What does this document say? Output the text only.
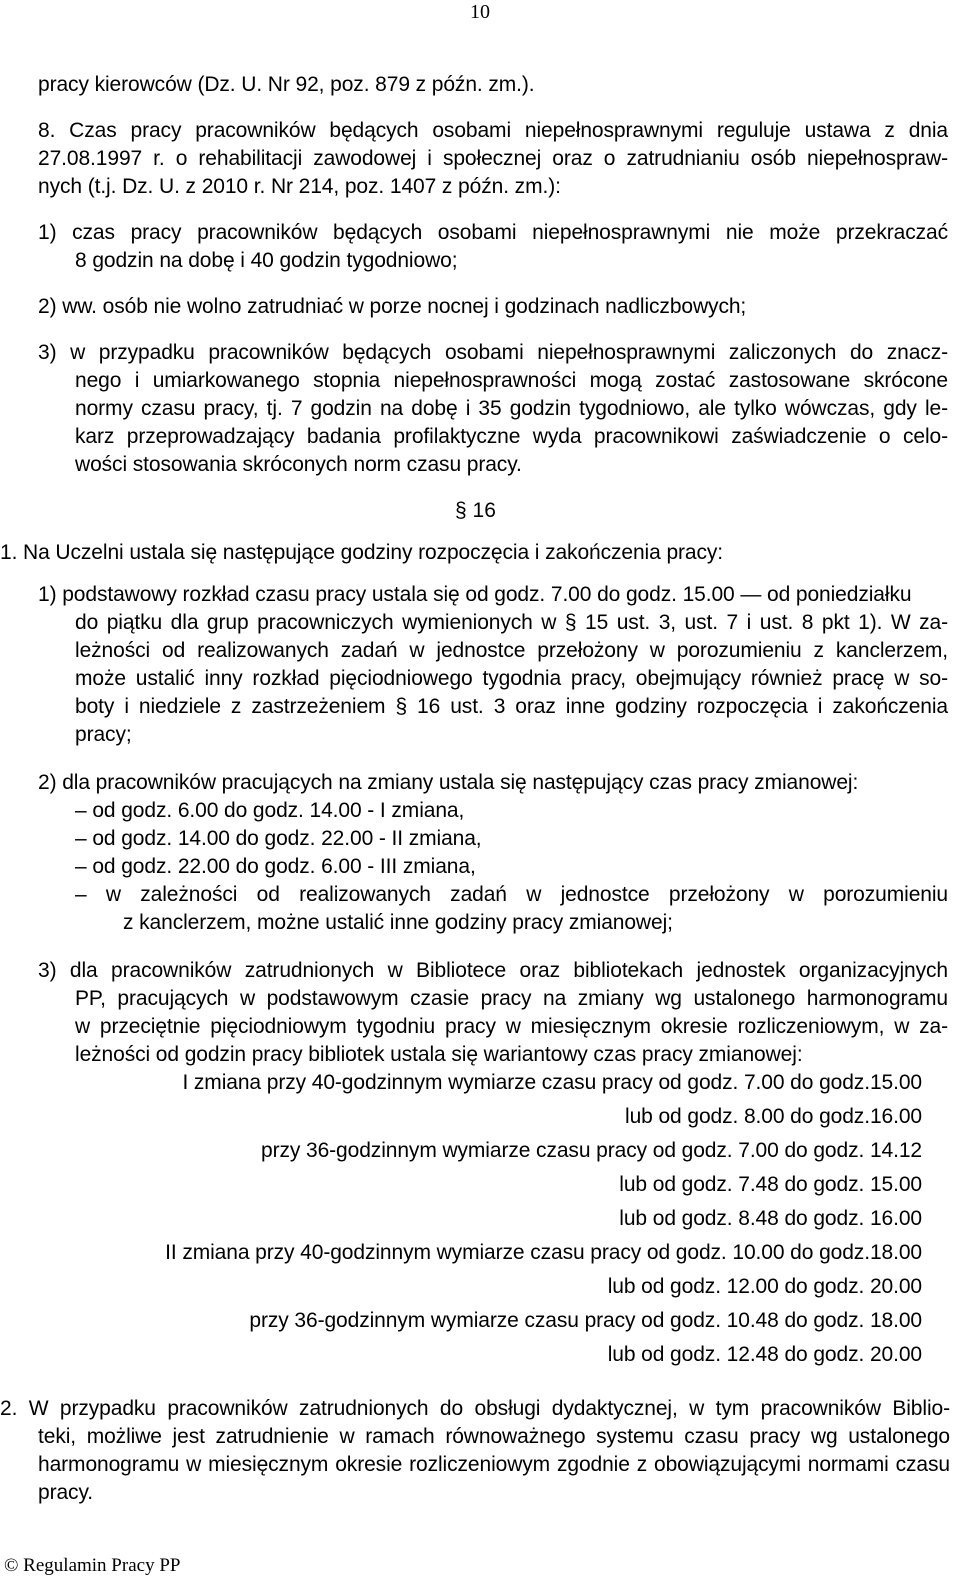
10
pracy kierowców (Dz. U. Nr 92, poz. 879 z późn. zm.).
8. Czas pracy pracowników będących osobami niepełnosprawnymi reguluje ustawa z dnia
27.08.1997 r. o rehabilitacji zawodowej i społecznej oraz o zatrudnianiu osób niepełnospraw-
nych (t.j. Dz. U. z 2010 r. Nr 214, poz. 1407 z późn. zm.):
1) czas pracy pracowników będących osobami niepełnosprawnymi nie może przekraczać
8 godzin na dobę i 40 godzin tygodniowo;
2) ww. osób nie wolno zatrudniać w porze nocnej i godzinach nadliczbowych;
3) w przypadku pracowników będących osobami niepełnosprawnymi zaliczonych do znacz-
nego i umiarkowanego stopnia niepełnosprawności mogą zostać zastosowane skrócone
normy czasu pracy, tj. 7 godzin na dobę i 35 godzin tygodniowo, ale tylko wówczas, gdy le-
karz przeprowadzający badania profilaktyczne wyda pracownikowi zaświadczenie o celo-
wości stosowania skróconych norm czasu pracy.
§ 16
1. Na Uczelni ustala się następujące godziny rozpoczęcia i zakończenia pracy:
1) podstawowy rozkład czasu pracy ustala się od godz. 7.00 do godz. 15.00 — od poniedziałku
do piątku dla grup pracowniczych wymienionych w § 15 ust. 3, ust. 7 i ust. 8 pkt 1). W za-
leżności od realizowanych zadań w jednostce przełożony w porozumieniu z kanclerzem,
może ustalić inny rozkład pięciodniowego tygodnia pracy, obejmujący również pracę w so-
boty i niedziele z zastrzeżeniem § 16 ust. 3 oraz inne godziny rozpoczęcia i zakończenia
pracy;
2) dla pracowników pracujących na zmiany ustala się następujący czas pracy zmianowej:
– od godz. 6.00 do godz. 14.00 - I zmiana,
– od godz. 14.00 do godz. 22.00 - II zmiana,
– od godz. 22.00 do godz. 6.00 - III zmiana,
– w zależności od realizowanych zadań w jednostce przełożony w porozumieniu
z kanclerzem, możne ustalić inne godziny pracy zmianowej;
3) dla pracowników zatrudnionych w Bibliotece oraz bibliotekach jednostek organizacyjnych
PP, pracujących w podstawowym czasie pracy na zmiany wg ustalonego harmonogramu
w przeciętnie pięciodniowym tygodniu pracy w miesięcznym okresie rozliczeniowym, w za-
leżności od godzin pracy bibliotek ustala się wariantowy czas pracy zmianowej:
I zmiana przy 40-godzinnym wymiarze czasu pracy od godz. 7.00 do godz.15.00
lub od godz. 8.00 do godz.16.00
przy 36-godzinnym wymiarze czasu pracy od godz. 7.00 do godz. 14.12
lub od godz. 7.48 do godz. 15.00
lub od godz. 8.48 do godz. 16.00
II zmiana przy 40-godzinnym wymiarze czasu pracy od godz. 10.00 do godz.18.00
lub od godz. 12.00 do godz. 20.00
przy 36-godzinnym wymiarze czasu pracy od godz. 10.48 do godz. 18.00
lub od godz. 12.48 do godz. 20.00
2. W przypadku pracowników zatrudnionych do obsługi dydaktycznej, w tym pracowników Biblio-
teki, możliwe jest zatrudnienie w ramach równoważnego systemu czasu pracy wg ustalonego
harmonogramu w miesięcznym okresie rozliczeniowym zgodnie z obowiązującymi normami czasu
pracy.
© Regulamin Pracy PP
